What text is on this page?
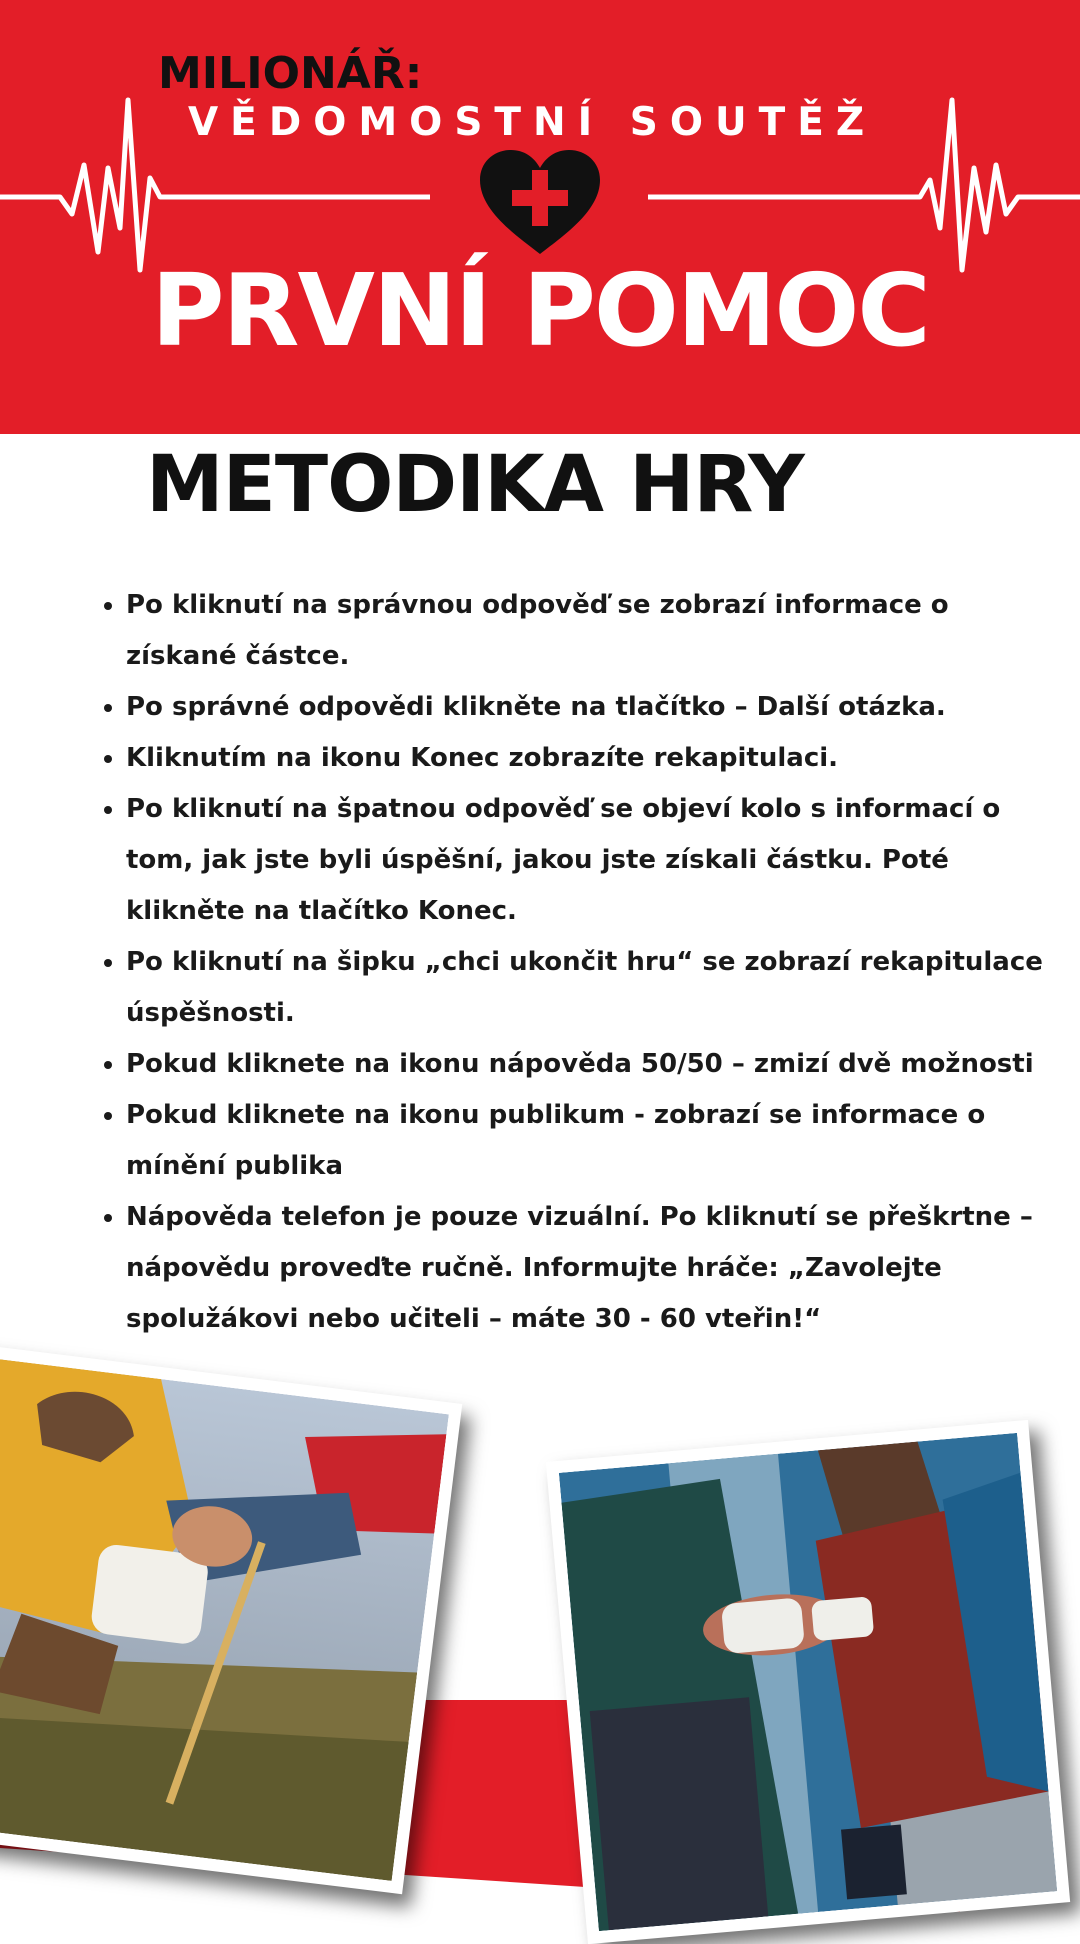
MILIONÁŘ:
VĚDOMOSTNÍ SOUTĚŽ
PRVNÍ POMOC
METODIKA HRY
• Po kliknutí na správnou odpověď se zobrazí informace o získané částce.
• Po správné odpovědi klikněte na tlačítko – Další otázka.
• Kliknutím na ikonu Konec zobrazíte rekapitulaci.
• Po kliknutí na špatnou odpověď se objeví kolo s informací o tom, jak jste byli úspěšní, jakou jste získali částku. Poté klikněte na tlačítko Konec.
• Po kliknutí na šipku „chci ukončit hru“ se zobrazí rekapitulace úspěšnosti.
• Pokud kliknete na ikonu nápověda 50/50 – zmizí dvě možnosti
• Pokud kliknete na ikonu publikum - zobrazí se informace o mínění publika
• Nápověda telefon je pouze vizuální. Po kliknutí se přeškrtne – nápovědu proveďte ručně. Informujte hráče: „Zavolejte spolužákovi nebo učiteli – máte 30 - 60 vteřin!“
